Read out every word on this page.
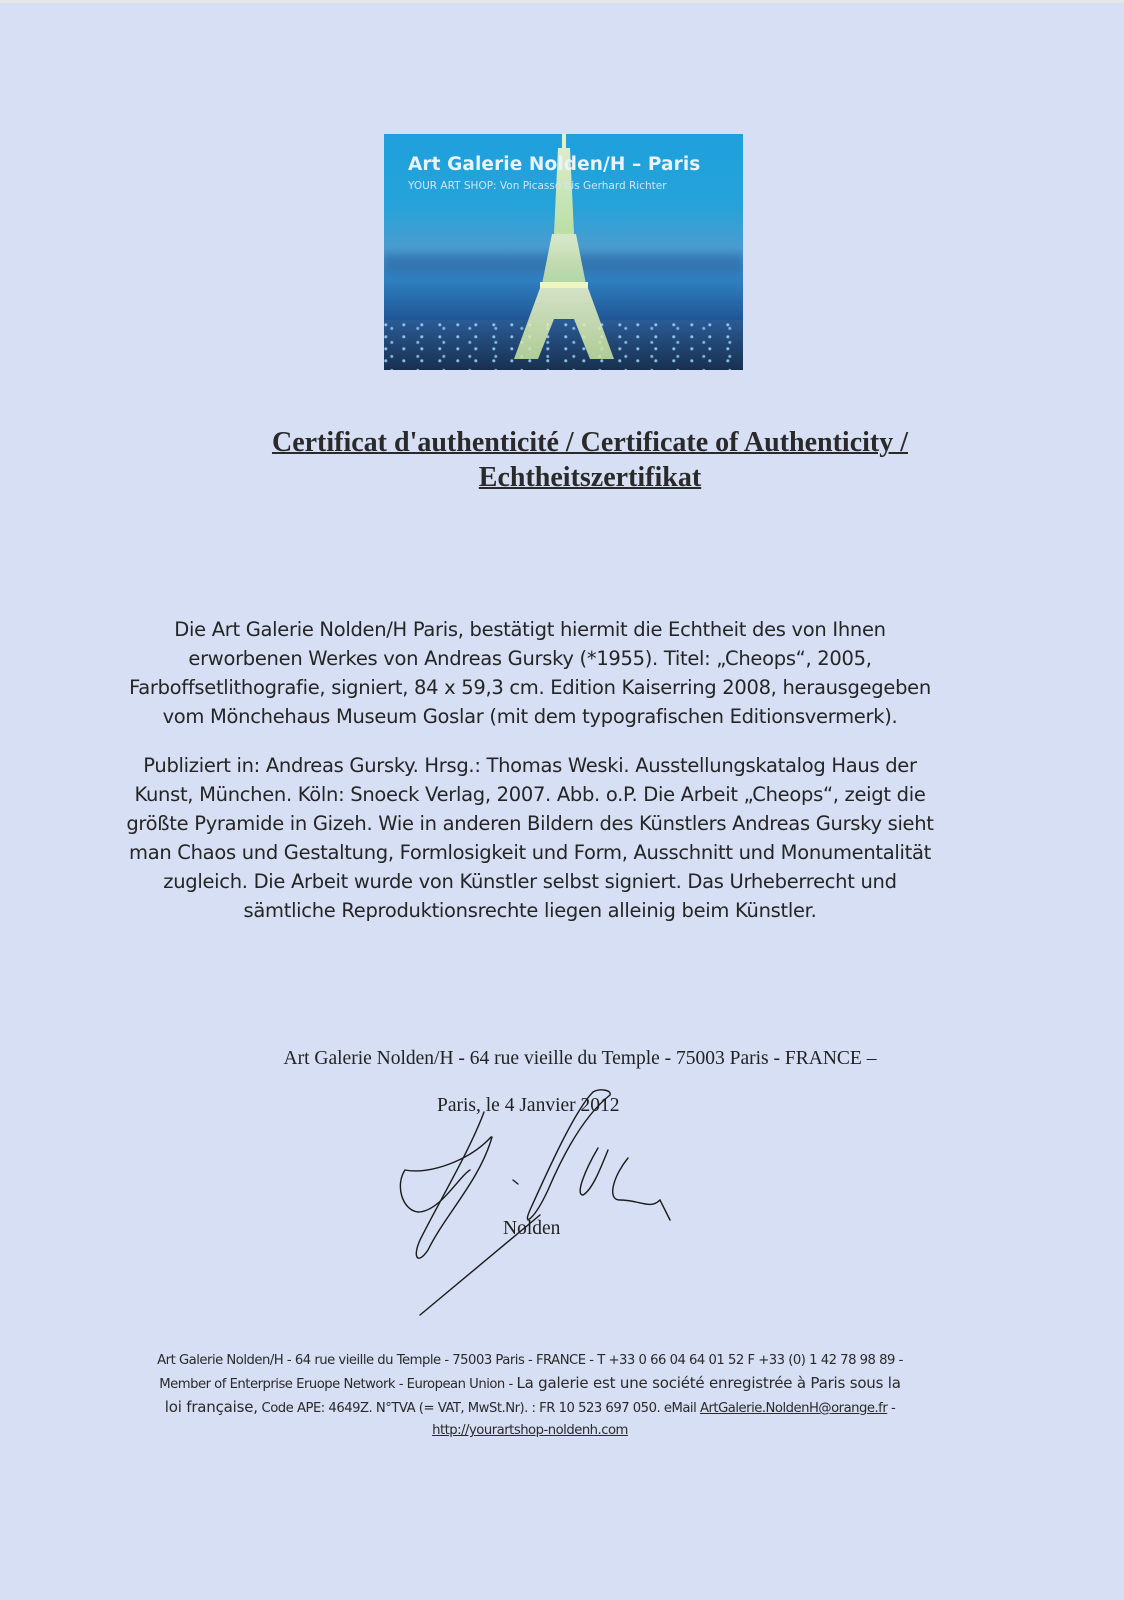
Art Galerie Nolden/H – Paris
YOUR ART SHOP: Von Picasso bis Gerhard Richter
Certificat d'authenticité / Certificate of Authenticity /
Echtheitszertifikat
Die Art Galerie Nolden/H Paris, bestätigt hiermit die Echtheit des von Ihnen
erworbenen Werkes von Andreas Gursky (*1955). Titel: „Cheops“, 2005,
Farboffsetlithografie, signiert, 84 x 59,3 cm. Edition Kaiserring 2008, herausgegeben
vom Mönchehaus Museum Goslar (mit dem typografischen Editionsvermerk).
Publiziert in: Andreas Gursky. Hrsg.: Thomas Weski. Ausstellungskatalog Haus der
Kunst, München. Köln: Snoeck Verlag, 2007. Abb. o.P. Die Arbeit „Cheops“, zeigt die
größte Pyramide in Gizeh. Wie in anderen Bildern des Künstlers Andreas Gursky sieht
man Chaos und Gestaltung, Formlosigkeit und Form, Ausschnitt und Monumentalität
zugleich. Die Arbeit wurde von Künstler selbst signiert. Das Urheberrecht und
sämtliche Reproduktionsrechte liegen alleinig beim Künstler.
Art Galerie Nolden/H - 64 rue vieille du Temple - 75003 Paris - FRANCE –
Paris, le 4 Janvier 2012
Nolden
Art Galerie Nolden/H - 64 rue vieille du Temple - 75003 Paris - FRANCE - T +33 0 66 04 64 01 52 F +33 (0) 1 42 78 98 89 -
Member of Enterprise Eruope Network - European Union - La galerie est une société enregistrée à Paris sous la
loi française, Code APE: 4649Z. N°TVA (= VAT, MwSt.Nr). : FR 10 523 697 050. eMail ArtGalerie.NoldenH@orange.fr -
http://yourartshop-noldenh.com
